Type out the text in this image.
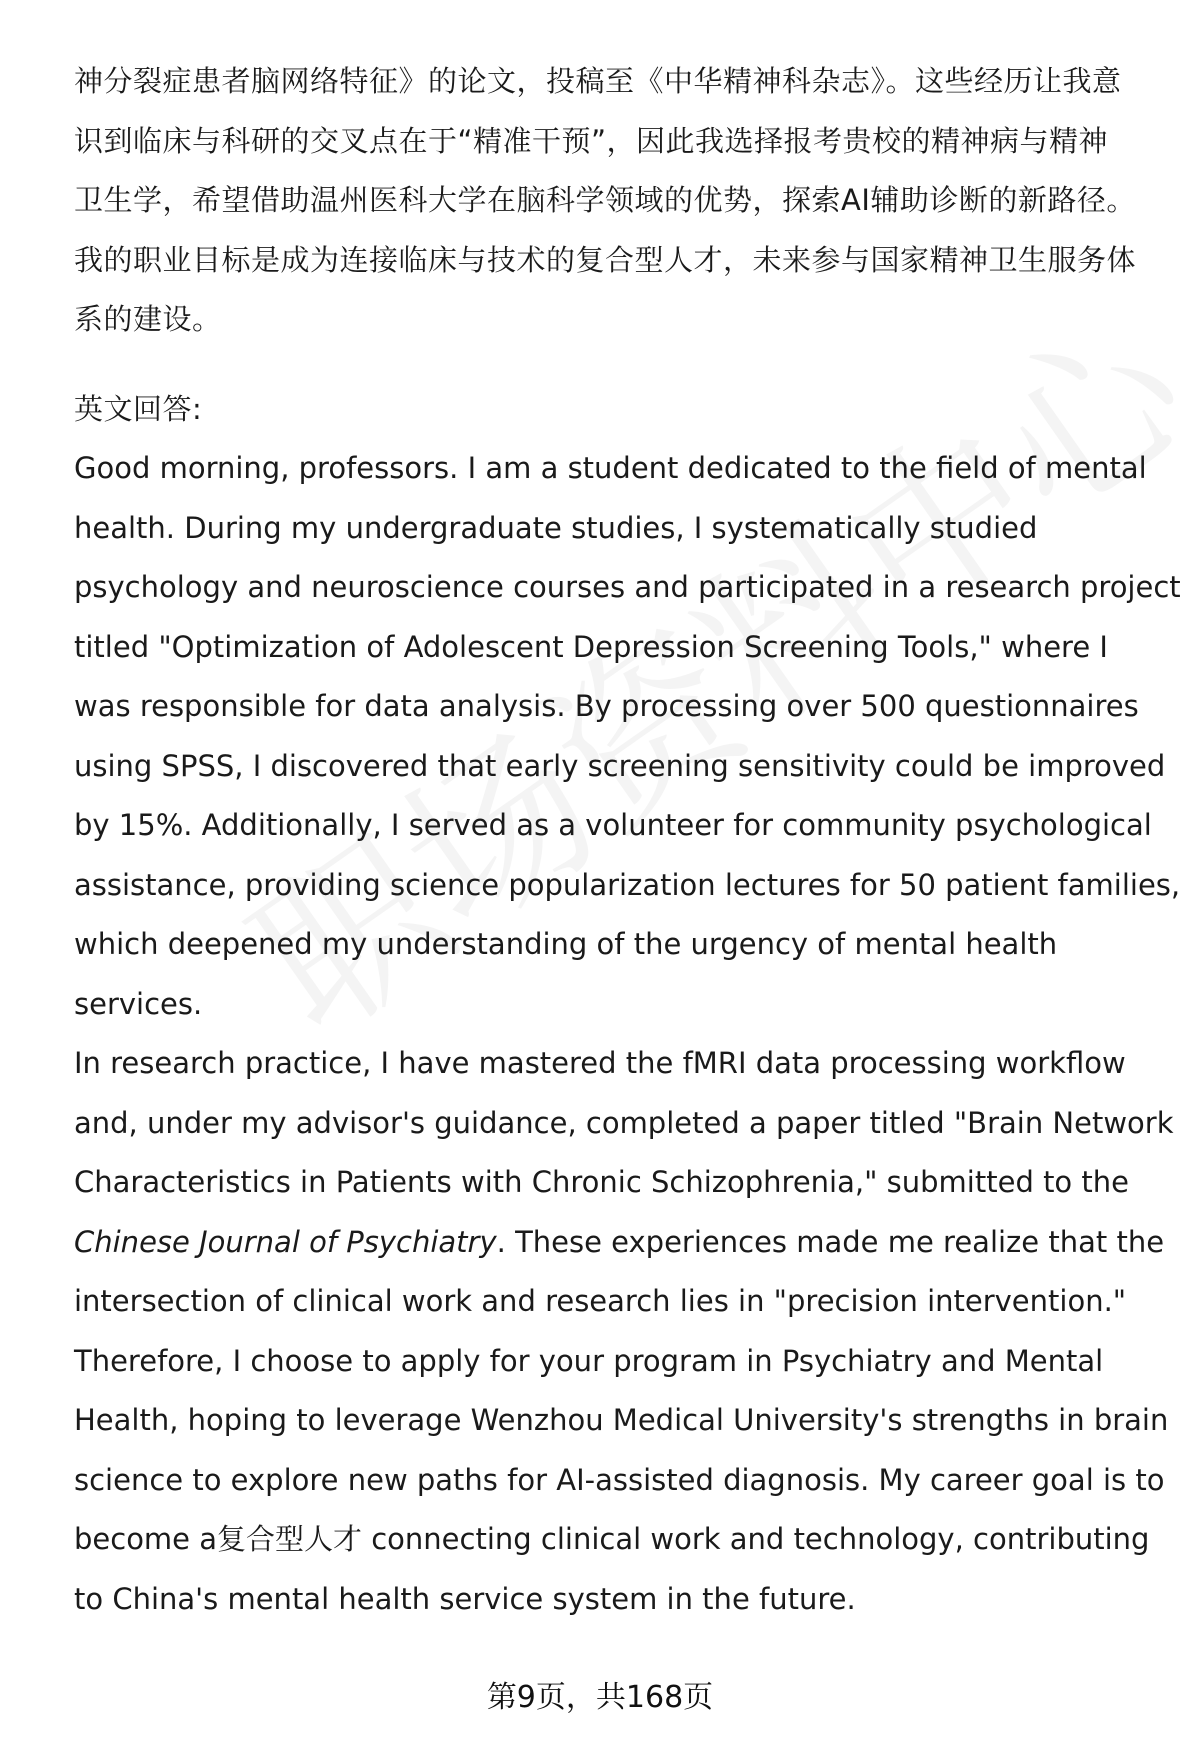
神分裂症患者脑网络特征》的论文，投稿至《中华精神科杂志》。这些经历让我意
识到临床与科研的交叉点在于“精准干预”，因此我选择报考贵校的精神病与精神
卫生学，希望借助温州医科大学在脑科学领域的优势，探索AI辅助诊断的新路径。
我的职业目标是成为连接临床与技术的复合型人才，未来参与国家精神卫生服务体
系的建设。
英文回答:
Good morning, professors. I am a student dedicated to the field of mental
health. During my undergraduate studies, I systematically studied
psychology and neuroscience courses and participated in a research project
titled "Optimization of Adolescent Depression Screening Tools," where I
was responsible for data analysis. By processing over 500 questionnaires
using SPSS, I discovered that early screening sensitivity could be improved
by 15%. Additionally, I served as a volunteer for community psychological
assistance, providing science popularization lectures for 50 patient families,
which deepened my understanding of the urgency of mental health
services.
In research practice, I have mastered the fMRI data processing workflow
and, under my advisor's guidance, completed a paper titled "Brain Network
Characteristics in Patients with Chronic Schizophrenia," submitted to the
Chinese Journal of Psychiatry. These experiences made me realize that the
intersection of clinical work and research lies in "precision intervention."
Therefore, I choose to apply for your program in Psychiatry and Mental
Health, hoping to leverage Wenzhou Medical University's strengths in brain
science to explore new paths for AI-assisted diagnosis. My career goal is to
become a复合型人才 connecting clinical work and technology, contributing
to China's mental health service system in the future.
第9页，共168页
